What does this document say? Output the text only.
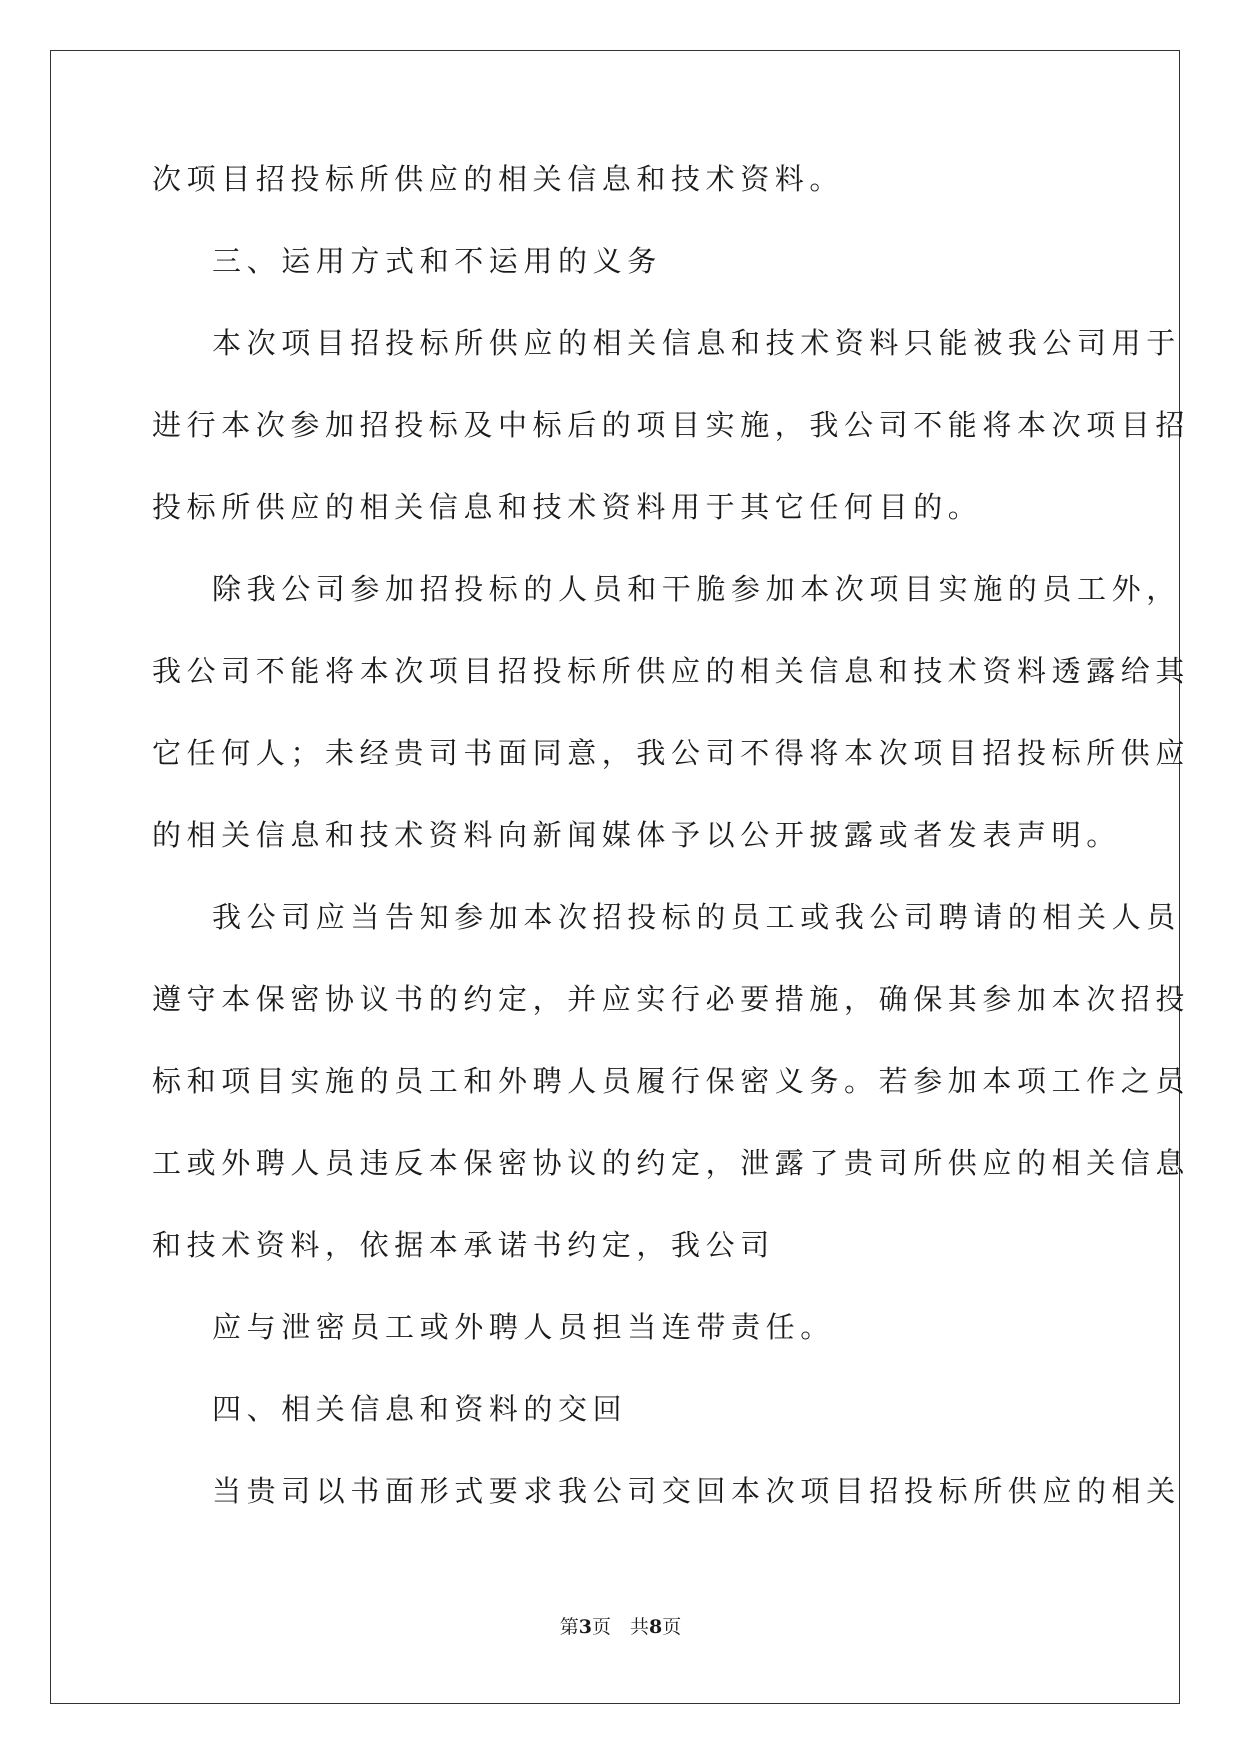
次项目招投标所供应的相关信息和技术资料。
三、运用方式和不运用的义务
本次项目招投标所供应的相关信息和技术资料只能被我公司用于
进行本次参加招投标及中标后的项目实施，我公司不能将本次项目招
投标所供应的相关信息和技术资料用于其它任何目的。
除我公司参加招投标的人员和干脆参加本次项目实施的员工外，
我公司不能将本次项目招投标所供应的相关信息和技术资料透露给其
它任何人；未经贵司书面同意，我公司不得将本次项目招投标所供应
的相关信息和技术资料向新闻媒体予以公开披露或者发表声明。
我公司应当告知参加本次招投标的员工或我公司聘请的相关人员
遵守本保密协议书的约定，并应实行必要措施，确保其参加本次招投
标和项目实施的员工和外聘人员履行保密义务。若参加本项工作之员
工或外聘人员违反本保密协议的约定，泄露了贵司所供应的相关信息
和技术资料，依据本承诺书约定，我公司
应与泄密员工或外聘人员担当连带责任。
四、相关信息和资料的交回
当贵司以书面形式要求我公司交回本次项目招投标所供应的相关
第3页　共8页
